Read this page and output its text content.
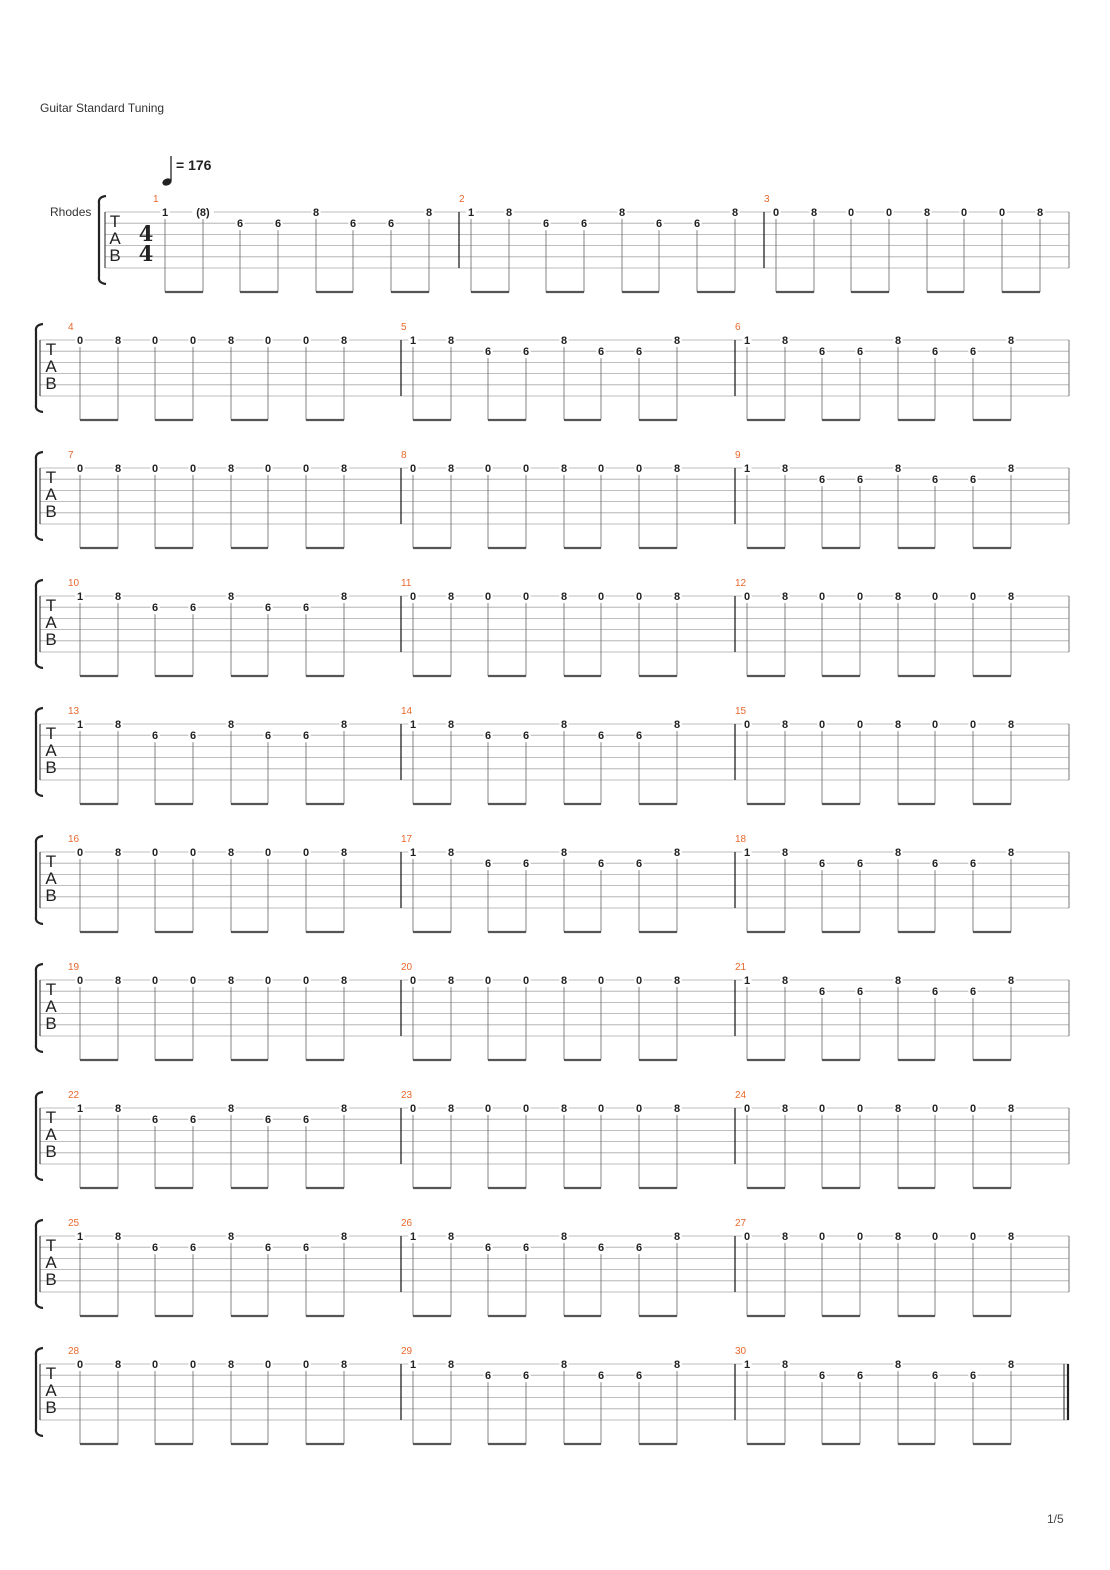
Guitar Standard Tuning
= 176
Rhodes T
A
B
4
4
1
1	(8)
6	6
8
6	6
8
2
1	8
6	6
8
6	6
8
3
0	8	0	0	8	0	0	8
T
A
B
4
0	8	0	0	8	0	0	8
5
1	8
6	6
8
6	6
8
6
1	8
6	6
8
6	6
8
T
A
B
7
0	8	0	0	8	0	0	8
8
0	8	0	0	8	0	0	8
9
1	8
6	6
8
6	6
8
T
A
B
10
1	8
6	6
8
6	6
8
11
0	8	0	0	8	0	0	8
12
0	8	0	0	8	0	0	8
T
A
B
13
1	8
6	6
8
6	6
8
14
1	8
6	6
8
6	6
8
15
0	8	0	0	8	0	0	8
T
A
B
16
0	8	0	0	8	0	0	8
17
1	8
6	6
8
6	6
8
18
1	8
6	6
8
6	6
8
T
A
B
19
0	8	0	0	8	0	0	8
20
0	8	0	0	8	0	0	8
21
1	8
6	6
8
6	6
8
T
A
B
22
1	8
6	6
8
6	6
8
23
0	8	0	0	8	0	0	8
24
0	8	0	0	8	0	0	8
T
A
B
25
1	8
6	6
8
6	6
8
26
1	8
6	6
8
6	6
8
27
0	8	0	0	8	0	0	8
T
A
B
28
0	8	0	0	8	0	0	8
29
1	8
6	6
8
6	6
8
30
1	8
6	6
8
6	6
8
1/5
